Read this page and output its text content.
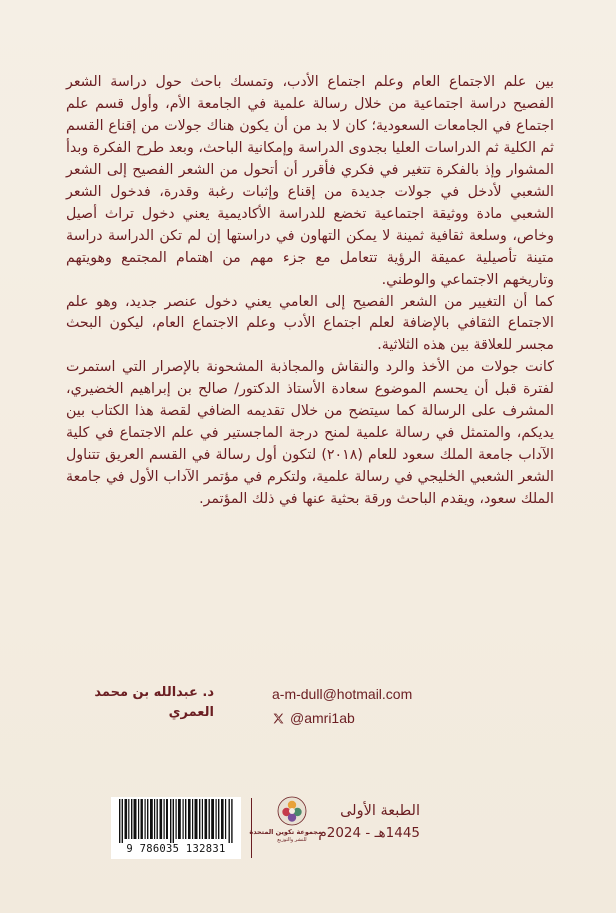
بين علم الاجتماع العام وعلم اجتماع الأدب، وتمسك باحث حول دراسة الشعر الفصيح دراسة اجتماعية من خلال رسالة علمية في الجامعة الأم، وأول قسم علم اجتماع في الجامعات السعودية؛ كان لا بد من أن يكون هناك جولات من إقناع القسم ثم الكلية ثم الدراسات العليا بجدوى الدراسة وإمكانية الباحث، وبعد طرح الفكرة وبدأ المشوار وإذ بالفكرة تتغير في فكري فأقرر أن أتحول من الشعر الفصيح إلى الشعر الشعبي لأدخل في جولات جديدة من إقناع وإثبات رغبة وقدرة، فدخول الشعر الشعبي مادة ووثيقة اجتماعية تخضع للدراسة الأكاديمية يعني دخول تراث أصيل وخاص، وسلعة ثقافية ثمينة لا يمكن التهاون في دراستها إن لم تكن الدراسة دراسة متينة تأصيلية عميقة الرؤية تتعامل مع جزء مهم من اهتمام المجتمع وهويتهم وتاريخهم الاجتماعي والوطني.

كما أن التغيير من الشعر الفصيح إلى العامي يعني دخول عنصر جديد، وهو علم الاجتماع الثقافي بالإضافة لعلم اجتماع الأدب وعلم الاجتماع العام، ليكون البحث مجسر للعلاقة بين هذه الثلاثية.

كانت جولات من الأخذ والرد والنقاش والمجاذبة المشحونة بالإصرار التي استمرت لفترة قبل أن يحسم الموضوع سعادة الأستاذ الدكتور/ صالح بن إبراهيم الخضيري، المشرف على الرسالة كما سيتضح من خلال تقديمه الضافي لقصة هذا الكتاب بين يديكم، والمتمثل في رسالة علمية لمنح درجة الماجستير في علم الاجتماع في كلية الآداب جامعة الملك سعود للعام (٢٠١٨) لتكون أول رسالة في القسم العريق تتناول الشعر الشعبي الخليجي في رسالة علمية، ولتكرم في مؤتمر الآداب الأول في جامعة الملك سعود، ويقدم الباحث ورقة بحثية عنها في ذلك المؤتمر.

د. عبدالله بن محمد العمري
a-m-dull@hotmail.com
@amri1ab
9 786035 132831
مجموعة تكوين المتحدة
للنشر والتوزيع
الطبعة الأولى
1445هـ - 2024م
